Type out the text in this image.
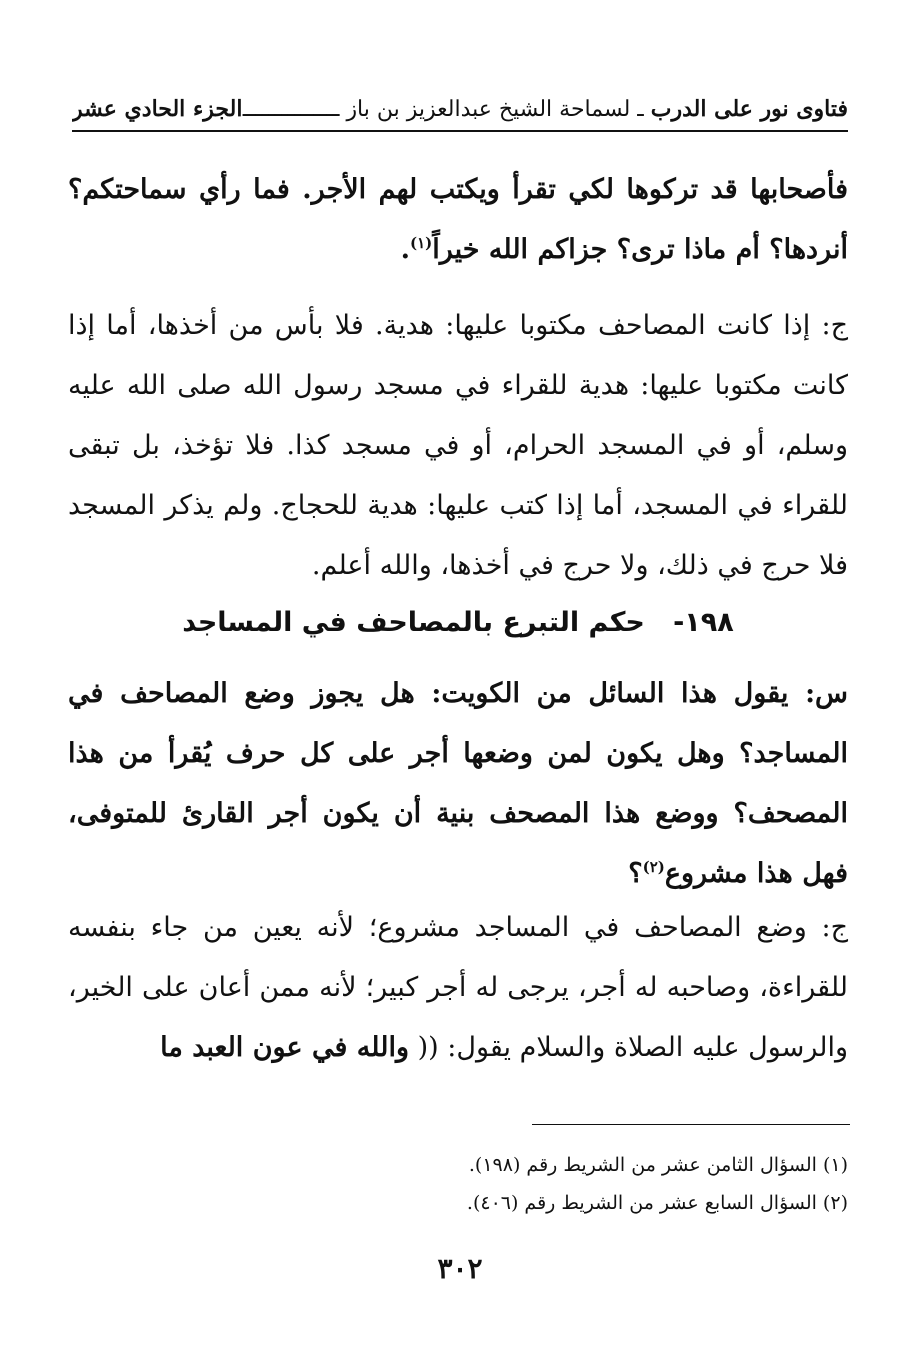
فتاوى نور على الدرب ـ لسماحة الشيخ عبدالعزيز بن باز ـــــــــــــــ
الجزء الحادي عشر

فأصحابها قد تركوها لكي تقرأ ويكتب لهم الأجر. فما رأي سماحتكم؟ أنردها؟ أم ماذا ترى؟ جزاكم الله خيراً$^{(١)}$.

ج: إذا كانت المصاحف مكتوبا عليها: هدية. فلا بأس من أخذها، أما إذا كانت مكتوبا عليها: هدية للقراء في مسجد رسول الله صلى الله عليه وسلم، أو في المسجد الحرام، أو في مسجد كذا. فلا تؤخذ، بل تبقى للقراء في المسجد، أما إذا كتب عليها: هدية للحجاج. ولم يذكر المسجد فلا حرج في ذلك، ولا حرج في أخذها، والله أعلم.

١٩٨-   حكم التبرع بالمصاحف في المساجد

س: يقول هذا السائل من الكويت: هل يجوز وضع المصاحف في المساجد؟ وهل يكون لمن وضعها أجر على كل حرف يُقرأ من هذا المصحف؟ ووضع هذا المصحف بنية أن يكون أجر القارئ للمتوفى، فهل هذا مشروع$^{(٢)}$؟

ج: وضع المصاحف في المساجد مشروع؛ لأنه يعين من جاء بنفسه للقراءة، وصاحبه له أجر، يرجى له أجر كبير؛ لأنه ممن أعان على الخير، والرسول عليه الصلاة والسلام يقول: (( والله في عون العبد ما

(١) السؤال الثامن عشر من الشريط رقم (١٩٨).
(٢) السؤال السابع عشر من الشريط رقم (٤٠٦).
٣٠٢
